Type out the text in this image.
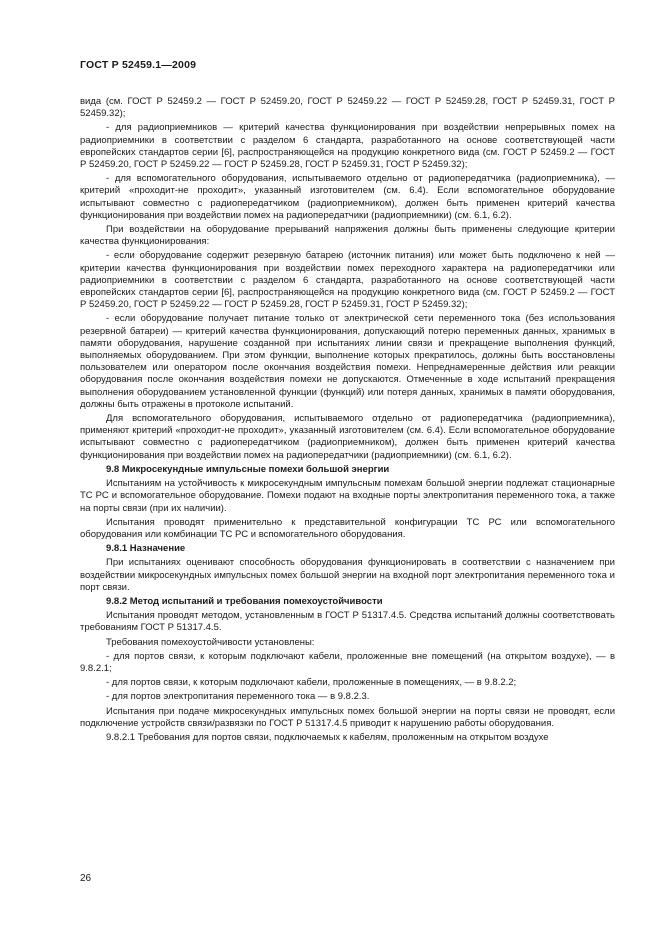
ГОСТ Р 52459.1—2009

вида (см. ГОСТ Р 52459.2 — ГОСТ Р 52459.20, ГОСТ Р 52459.22 — ГОСТ Р 52459.28, ГОСТ Р 52459.31, ГОСТ Р 52459.32);

- для радиоприемников — критерий качества функционирования при воздействии непрерывных помех на радиоприемники в соответствии с разделом 6 стандарта, разработанного на основе соответствующей части европейских стандартов серии [6], распространяющейся на продукцию конкретного вида (см. ГОСТ Р 52459.2 — ГОСТ Р 52459.20, ГОСТ Р 52459.22 — ГОСТ Р 52459.28, ГОСТ Р 52459.31, ГОСТ Р 52459.32);

- для вспомогательного оборудования, испытываемого отдельно от радиопередатчика (радиоприемника), — критерий «проходит-не проходит», указанный изготовителем (см. 6.4). Если вспомогательное оборудование испытывают совместно с радиопередатчиком (радиоприемником), должен быть применен критерий качества функционирования при воздействии помех на радиопередатчики (радиоприемники) (см. 6.1, 6.2).

При воздействии на оборудование прерываний напряжения должны быть применены следующие критерии качества функционирования:

- если оборудование содержит резервную батарею (источник питания) или может быть подключено к ней — критерии качества функционирования при воздействии помех переходного характера на радиопередатчики или радиоприемники в соответствии с разделом 6 стандарта, разработанного на основе соответствующей части европейских стандартов серии [6], распространяющейся на продукцию конкретного вида (см. ГОСТ Р 52459.2 — ГОСТ Р 52459.20, ГОСТ Р 52459.22 — ГОСТ Р 52459.28, ГОСТ Р 52459.31, ГОСТ Р 52459.32);

- если оборудование получает питание только от электрической сети переменного тока (без использования резервной батареи) — критерий качества функционирования, допускающий потерю переменных данных, хранимых в памяти оборудования, нарушение созданной при испытаниях линии связи и прекращение выполнения функций, выполняемых оборудованием. При этом функции, выполнение которых прекратилось, должны быть восстановлены пользователем или оператором после окончания воздействия помехи. Непреднамеренные действия или реакции оборудования после окончания воздействия помехи не допускаются. Отмеченные в ходе испытаний прекращения выполнения оборудованием установленной функции (функций) или потеря данных, хранимых в памяти оборудования, должны быть отражены в протоколе испытаний.

Для вспомогательного оборудования, испытываемого отдельно от радиопередатчика (радиоприемника), применяют критерий «проходит-не проходит», указанный изготовителем (см. 6.4). Если вспомогательное оборудование испытывают совместно с радиопередатчиком (радиоприемником), должен быть применен критерий качества функционирования при воздействии помех на радиопередатчики (радиоприемники) (см. 6.1, 6.2).

9.8 Микросекундные импульсные помехи большой энергии

Испытаниям на устойчивость к микросекундным импульсным помехам большой энергии подлежат стационарные ТС РС и вспомогательное оборудование. Помехи подают на входные порты электропитания переменного тока, а также на порты связи (при их наличии).

Испытания проводят применительно к представительной конфигурации ТС РС или вспомогательного оборудования или комбинации ТС РС и вспомогательного оборудования.

9.8.1 Назначение

При испытаниях оценивают способность оборудования функционировать в соответствии с назначением при воздействии микросекундных импульсных помех большой энергии на входной порт электропитания переменного тока и порт связи.

9.8.2 Метод испытаний и требования помехоустойчивости

Испытания проводят методом, установленным в ГОСТ Р 51317.4.5. Средства испытаний должны соответствовать требованиям ГОСТ Р 51317.4.5.

Требования помехоустойчивости установлены:

- для портов связи, к которым подключают кабели, проложенные вне помещений (на открытом воздухе), — в 9.8.2.1;

- для портов связи, к которым подключают кабели, проложенные в помещениях, — в 9.8.2.2;

- для портов электропитания переменного тока — в 9.8.2.3.

Испытания при подаче микросекундных импульсных помех большой энергии на порты связи не проводят, если подключение устройств связи/развязки по ГОСТ Р 51317.4.5 приводит к нарушению работы оборудования.

9.8.2.1 Требования для портов связи, подключаемых к кабелям, проложенным на открытом воздухе

26
